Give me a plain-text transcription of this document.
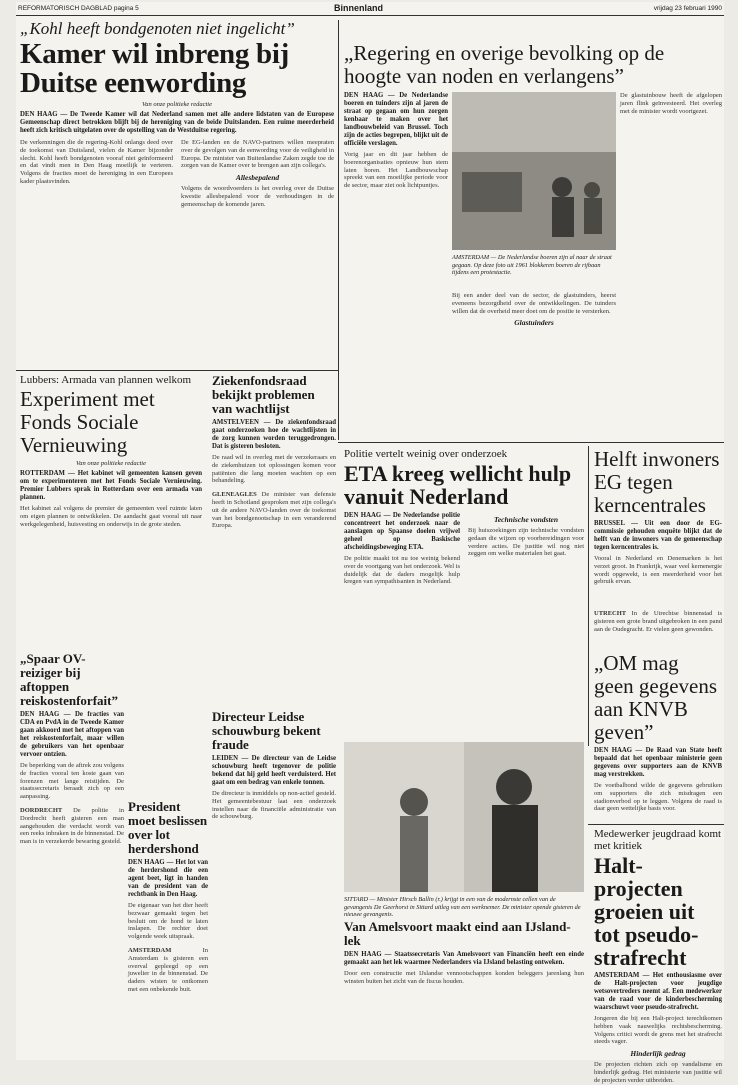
REFORMATORISCH DAGBLAD pagina 5	Binnenland	vrijdag 23 februari 1990
„Kohl heeft bondgenoten niet ingelicht”
Kamer wil inbreng bij Duitse eenwording
Van onze politieke redactie
DEN HAAG — De Tweede Kamer wil dat Nederland samen met alle andere lidstaten van de Europese Gemeenschap direct betrokken blijft bij de hereniging van de beide Duitslanden. Een ruime meerderheid heeft zich kritisch uitgelaten over de opstelling van de Westduitse regering.
De verkenningen die de regering-Kohl onlangs deed over de toekomst van Duitsland, vielen de Kamer bijzonder slecht. Kohl heeft bondgenoten vooraf niet geïnformeerd en dat vindt men in Den Haag moeilijk te verteren. Volgens de fracties moet de hereniging in een Europees kader plaatsvinden.
De EG-landen en de NAVO-partners willen meepraten over de gevolgen van de eenwording voor de veiligheid in Europa. De minister van Buitenlandse Zaken zegde toe de zorgen van de Kamer over te brengen aan zijn collega's.
Allesbepalend
Volgens de woordvoerders is het overleg over de Duitse kwestie allesbepalend voor de verhoudingen in de gemeenschap de komende jaren.
„Regering en overige bevolking op de hoogte van noden en verlangens”
DEN HAAG — De Nederlandse boeren en tuinders zijn al jaren de straat op gegaan om hun zorgen kenbaar te maken over het landbouwbeleid van Brussel. Toch zijn de acties begrepen, blijkt uit de officiële verslagen.
Vorig jaar en dit jaar hebben de boerenorganisaties opnieuw hun stem laten horen. Het Landbouwschap spreekt van een moeilijke periode voor de sector, maar ziet ook lichtpuntjes.
De glastuinbouw heeft de afgelopen jaren flink geïnvesteerd. Het overleg met de minister wordt voortgezet.
AMSTERDAM — De Nederlandse boeren zijn al naar de straat gegaan. Op deze foto uit 1961 blokkeren boeren de rijbaan tijdens een protestactie.
Bij een ander deel van de sector, de glastuinders, heerst eveneens bezorgdheid over de ontwikkelingen. De tuinders willen dat de overheid meer doet om de positie te versterken.
Glastuinders
Lubbers: Armada van plannen welkom
Experiment met Fonds Sociale Vernieuwing
Van onze politieke redactie
ROTTERDAM — Het kabinet wil gemeenten kansen geven om te experimenteren met het Fonds Sociale Vernieuwing. Premier Lubbers sprak in Rotterdam over een armada van plannen.
Het kabinet zal volgens de premier de gemeenten veel ruimte laten om eigen plannen te ontwikkelen. De aandacht gaat vooral uit naar werkgelegenheid, huisvesting en onderwijs in de grote steden.
Ziekenfondsraad bekijkt problemen van wachtlijst
AMSTELVEEN — De ziekenfondsraad gaat onderzoeken hoe de wachtlijsten in de zorg kunnen worden teruggedrongen. Dat is gisteren besloten.
De raad wil in overleg met de verzekeraars en de ziekenhuizen tot oplossingen komen voor patiënten die lang moeten wachten op een behandeling.
GLENEAGLES De minister van defensie heeft in Schotland gesproken met zijn collega's uit de andere NAVO-landen over de toekomst van het bondgenootschap in een veranderend Europa.
„Spaar OV-reiziger bij aftoppen reiskostenforfait”
DEN HAAG — De fracties van CDA en PvdA in de Tweede Kamer gaan akkoord met het aftoppen van het reiskostenforfait, maar willen de gebruikers van het openbaar vervoer ontzien.
De beperking van de aftrek zou volgens de fracties vooral ten koste gaan van forenzen met lange reistijden. De staatssecretaris beraadt zich op een aanpassing.
DORDRECHT De politie in Dordrecht heeft gisteren een man aangehouden die verdacht wordt van een reeks inbraken in de binnenstad. De man is in verzekerde bewaring gesteld.
Directeur Leidse schouwburg bekent fraude
LEIDEN — De directeur van de Leidse schouwburg heeft tegenover de politie bekend dat hij geld heeft verduisterd. Het gaat om een bedrag van enkele tonnen.
De directeur is inmiddels op non-actief gesteld. Het gemeentebestuur laat een onderzoek instellen naar de financiële administratie van de schouwburg.
President moet beslissen over lot herdershond
DEN HAAG — Het lot van de herdershond die een agent beet, ligt in handen van de president van de rechtbank in Den Haag.
De eigenaar van het dier heeft bezwaar gemaakt tegen het besluit om de hond te laten inslapen. De rechter doet volgende week uitspraak.
AMSTERDAM	In Amsterdam is gisteren een overval gepleegd op een juwelier in de binnenstad. De daders wisten te ontkomen met een onbekende buit.
Politie vertelt weinig over onderzoek
ETA kreeg wellicht hulp vanuit Nederland
DEN HAAG — De Nederlandse politie concentreert het onderzoek naar de aanslagen op Spaanse doelen vrijwel geheel op Baskische afscheidingsbeweging ETA.
De politie maakt tot nu toe weinig bekend over de voortgang van het onderzoek. Wel is duidelijk dat de daders mogelijk hulp kregen van sympathisanten in Nederland.
Technische vondsten
Bij huiszoekingen zijn technische vondsten gedaan die wijzen op voorbereidingen voor verdere acties. De justitie wil nog niet zeggen om welke materialen het gaat.
SITTARD — Minister Hirsch Ballin (r.) krijgt in een van de modernste cellen van de gevangenis De Geerhorst in Sittard uitleg van een werknemer. De minister opende gisteren de nieuwe gevangenis.
Van Amelsvoort maakt eind aan IJsland-lek
DEN HAAG — Staatssecretaris Van Amelsvoort van Financiën heeft een einde gemaakt aan het lek waarmee Nederlanders via IJsland belasting ontweken.
Door een constructie met IJslandse vennootschappen konden beleggers jarenlang hun winsten buiten het zicht van de fiscus houden.
Helft inwoners EG tegen kerncentrales
BRUSSEL — Uit een door de EG-commissie gehouden enquête blijkt dat de helft van de inwoners van de gemeenschap tegen kerncentrales is.
Vooral in Nederland en Denemarken is het verzet groot. In Frankrijk, waar veel kernenergie wordt opgewekt, is een meerderheid voor het gebruik ervan.
UTRECHT In de Utrechtse binnenstad is gisteren een grote brand uitgebroken in een pand aan de Oudegracht. Er vielen geen gewonden.
„OM mag geen gegevens aan KNVB geven”
DEN HAAG — De Raad van State heeft bepaald dat het openbaar ministerie geen gegevens over supporters aan de KNVB mag verstrekken.
De voetbalbond wilde de gegevens gebruiken om supporters die zich misdragen een stadionverbod op te leggen. Volgens de raad is daar geen wettelijke basis voor.
Medewerker jeugdraad komt met kritiek
Halt-projecten groeien uit tot pseudo-strafrecht
AMSTERDAM — Het enthousiasme over de Halt-projecten voor jeugdige wetsovertreders neemt af. Een medewerker van de raad voor de kinderbescherming waarschuwt voor pseudo-strafrecht.
Jongeren die bij een Halt-project terechtkomen hebben vaak nauwelijks rechtsbescherming. Volgens critici wordt de grens met het strafrecht steeds vager.
Hinderlijk gedrag
De projecten richten zich op vandalisme en hinderlijk gedrag. Het ministerie van justitie wil de projecten verder uitbreiden.
